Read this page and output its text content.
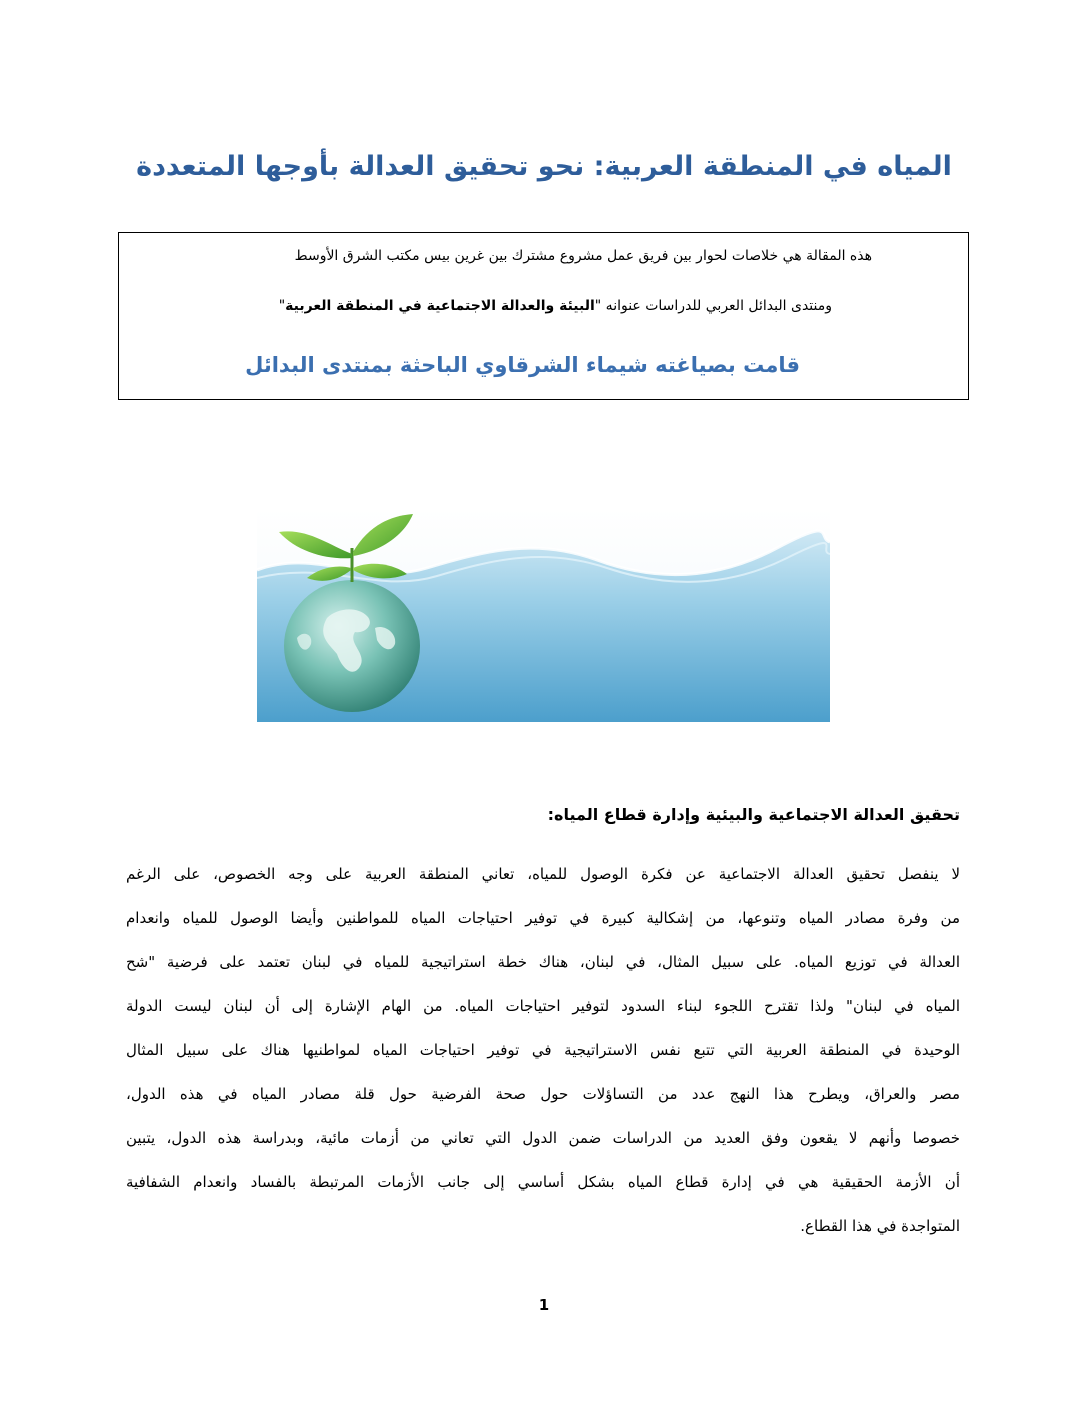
المياه في المنطقة العربية: نحو تحقيق العدالة بأوجها المتعددة
هذه المقالة هي خلاصات لحوار بين فريق عمل مشروع مشترك بين غرين بيس مكتب الشرق الأوسط
ومنتدى البدائل العربي للدراسات عنوانه "البيئة والعدالة الاجتماعية في المنطقة العربية"
قامت بصياغته شيماء الشرقاوي الباحثة بمنتدى البدائل
تحقيق العدالة الاجتماعية والبيئية وإدارة قطاع المياه:
لا ينفصل تحقيق العدالة الاجتماعية عن فكرة الوصول للمياه، تعاني المنطقة العربية على وجه الخصوص، على الرغم
من وفرة مصادر المياه وتنوعها، من إشكالية كبيرة في توفير احتياجات المياه للمواطنين وأيضا الوصول للمياه وانعدام
العدالة في توزيع المياه. على سبيل المثال، في لبنان، هناك خطة استراتيجية للمياه في لبنان تعتمد على فرضية "شح
المياه في لبنان" ولذا تقترح اللجوء لبناء السدود لتوفير احتياجات المياه. من الهام الإشارة إلى أن لبنان ليست الدولة
الوحيدة في المنطقة العربية التي تتبع نفس الاستراتيجية في توفير احتياجات المياه لمواطنيها هناك على سبيل المثال
مصر والعراق، ويطرح هذا النهج عدد من التساؤلات حول صحة الفرضية حول قلة مصادر المياه في هذه الدول،
خصوصا وأنهم لا يقعون وفق العديد من الدراسات ضمن الدول التي تعاني من أزمات مائية، وبدراسة هذه الدول، يتبين
أن الأزمة الحقيقية هي في إدارة قطاع المياه بشكل أساسي إلى جانب الأزمات المرتبطة بالفساد وانعدام الشفافية
المتواجدة في هذا القطاع.
1
